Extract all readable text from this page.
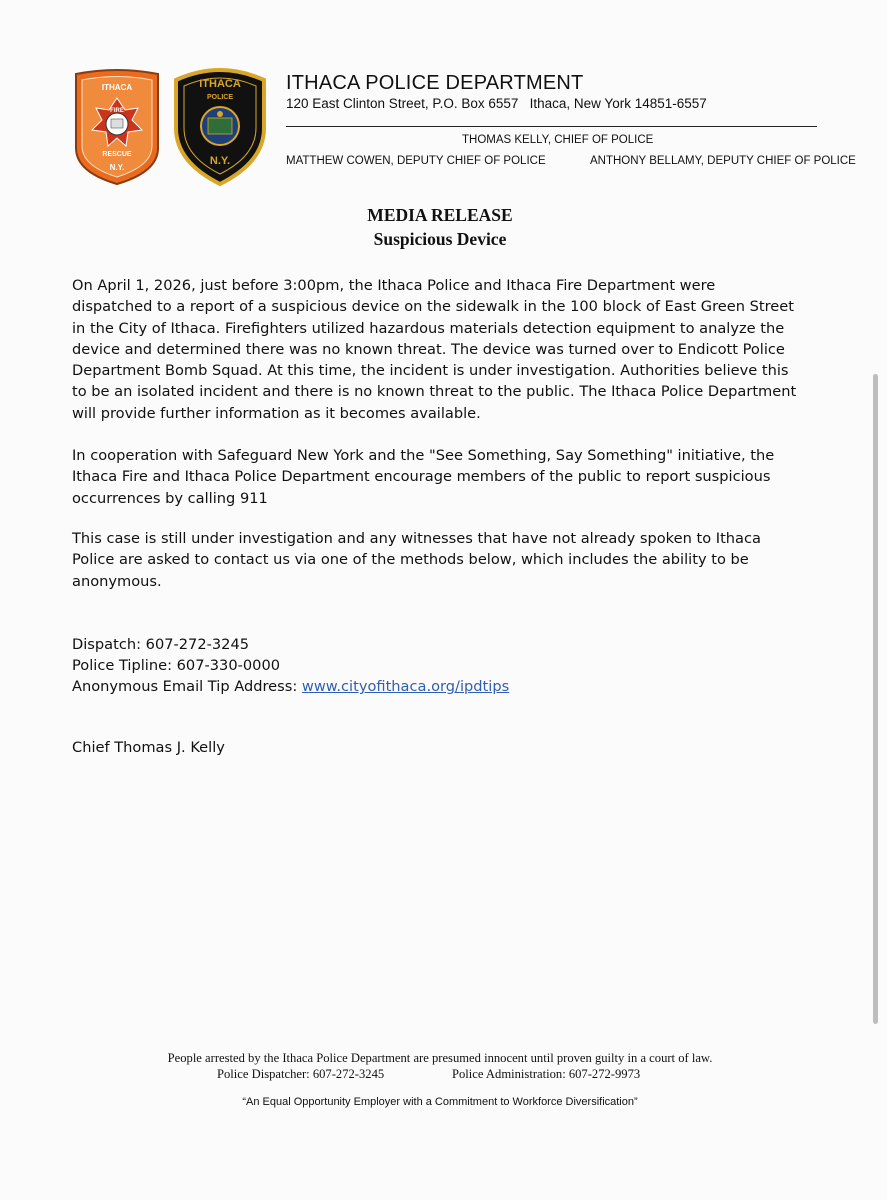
ITHACA
FIRE
RESCUE
N.Y.
ITHACA
POLICE
N.Y.
ITHACA POLICE DEPARTMENT
120 East Clinton Street, P.O. Box 6557   Ithaca, New York 14851-6557
THOMAS KELLY, CHIEF OF POLICE
MATTHEW COWEN, DEPUTY CHIEF OF POLICE	ANTHONY BELLAMY, DEPUTY CHIEF OF POLICE
MEDIA RELEASE
Suspicious Device
On April 1, 2026, just before 3:00pm, the Ithaca Police and Ithaca Fire Department were
dispatched to a report of a suspicious device on the sidewalk in the 100 block of East Green Street
in the City of Ithaca. Firefighters utilized hazardous materials detection equipment to analyze the
device and determined there was no known threat. The device was turned over to Endicott Police
Department Bomb Squad. At this time, the incident is under investigation. Authorities believe this
to be an isolated incident and there is no known threat to the public. The Ithaca Police Department
will provide further information as it becomes available.
In cooperation with Safeguard New York and the "See Something, Say Something" initiative, the
Ithaca Fire and Ithaca Police Department encourage members of the public to report suspicious
occurrences by calling 911
This case is still under investigation and any witnesses that have not already spoken to Ithaca
Police are asked to contact us via one of the methods below, which includes the ability to be
anonymous.
Dispatch: 607-272-3245
Police Tipline: 607-330-0000
Anonymous Email Tip Address: www.cityofithaca.org/ipdtips
Chief Thomas J. Kelly
People arrested by the Ithaca Police Department are presumed innocent until proven guilty in a court of law.
Police Dispatcher: 607-272-3245	Police Administration: 607-272-9973
“An Equal Opportunity Employer with a Commitment to Workforce Diversification”
